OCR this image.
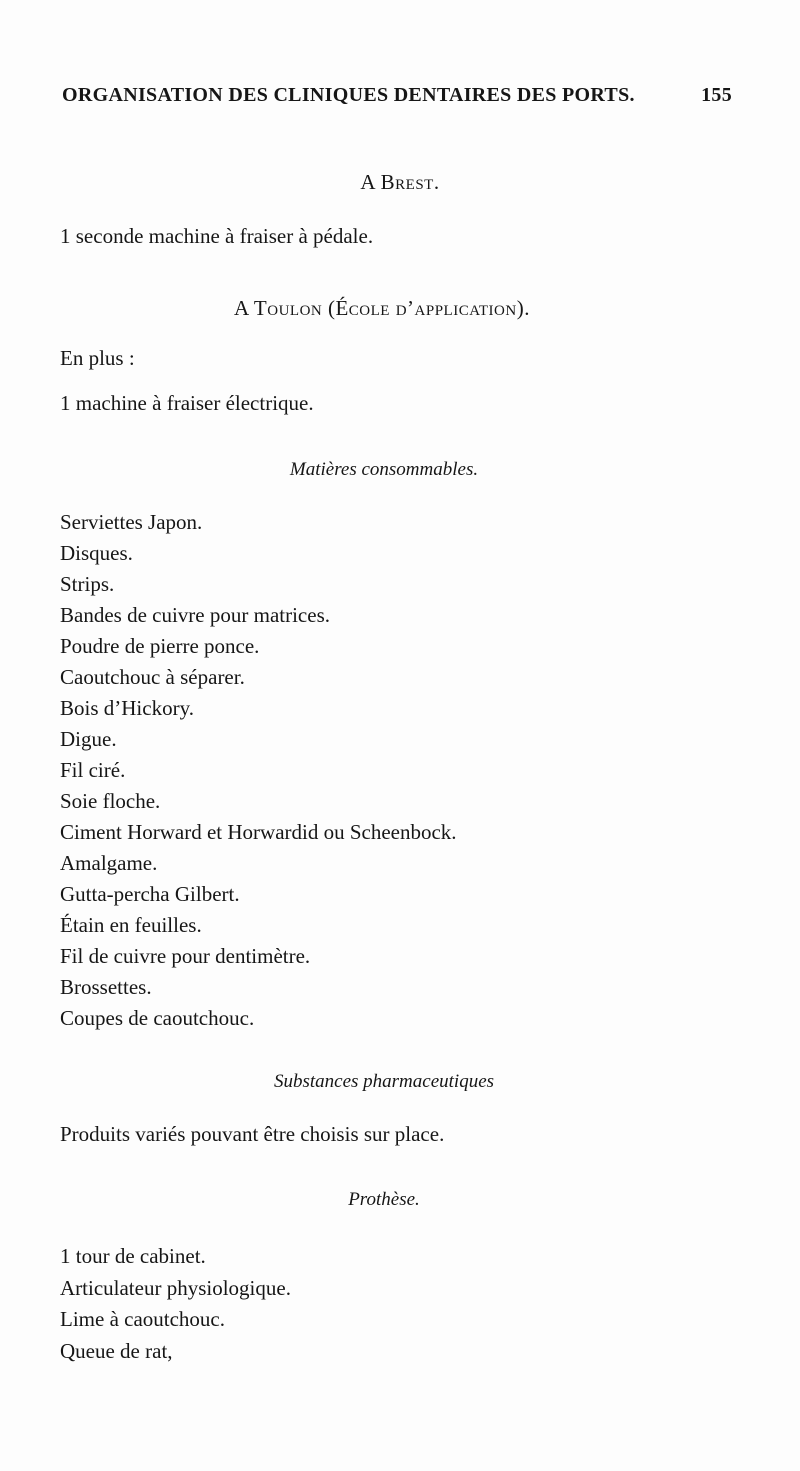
ORGANISATION DES CLINIQUES DENTAIRES DES PORTS.	155
A Brest.
1 seconde machine à fraiser à pédale.
A Toulon (École d’application).
En plus :
1 machine à fraiser électrique.
Matières consommables.
Serviettes Japon.
Disques.
Strips.
Bandes de cuivre pour matrices.
Poudre de pierre ponce.
Caoutchouc à séparer.
Bois d’Hickory.
Digue.
Fil ciré.
Soie floche.
Ciment Horward et Horwardid ou Scheenbock.
Amalgame.
Gutta-percha Gilbert.
Étain en feuilles.
Fil de cuivre pour dentimètre.
Brossettes.
Coupes de caoutchouc.
Substances pharmaceutiques
Produits variés pouvant être choisis sur place.
Prothèse.
1 tour de cabinet.
Articulateur physiologique.
Lime à caoutchouc.
Queue de rat,
